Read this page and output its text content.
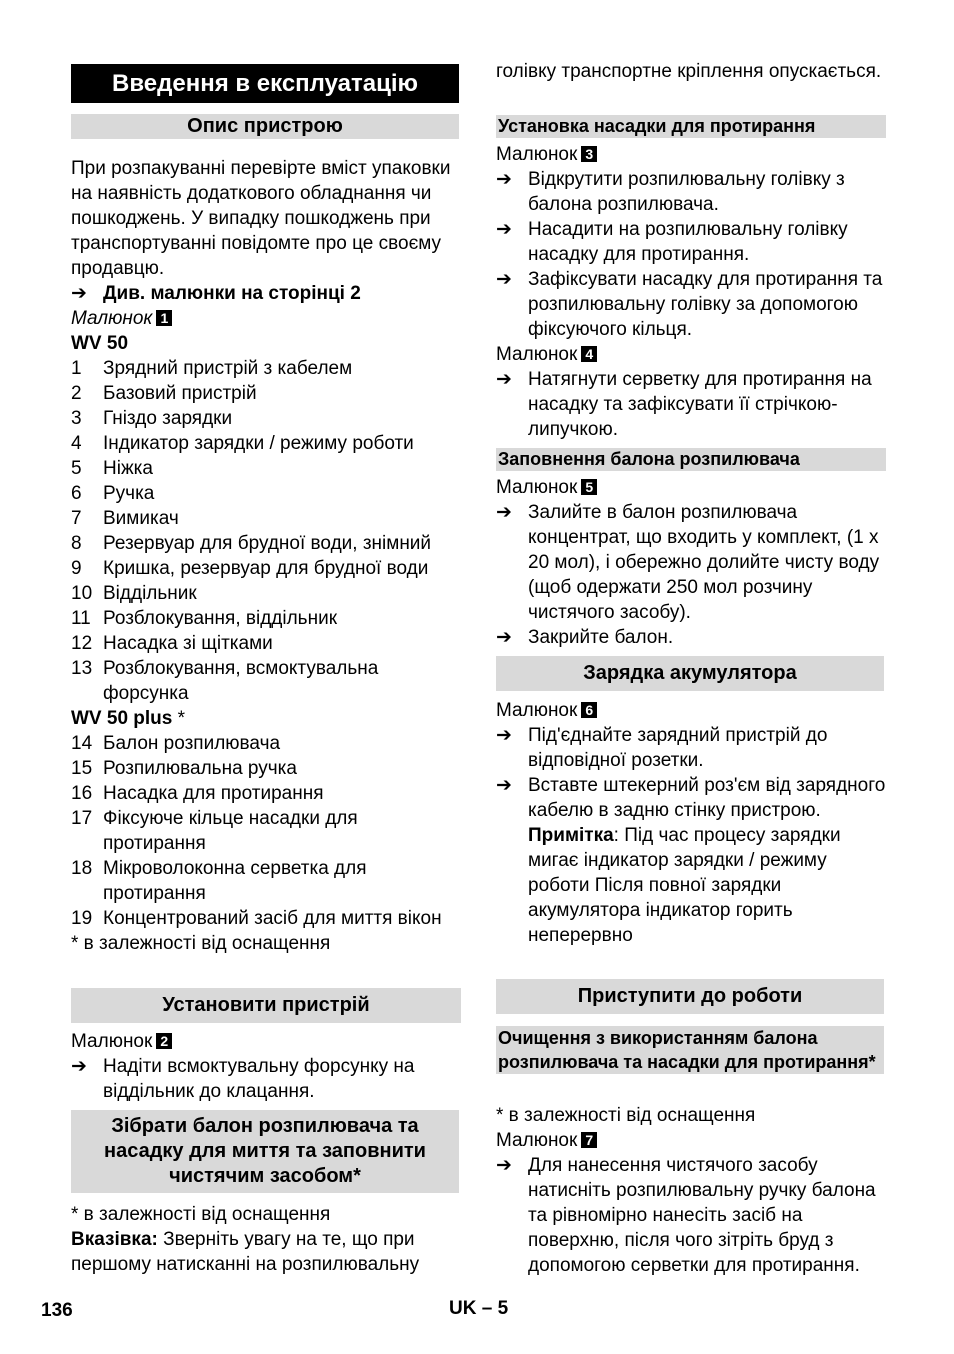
Введення в експлуатацію
Опис пристрою

При розпакуванні перевірте вміст упаковки на наявність додаткового обладнання чи пошкоджень. У випадку пошкоджень при транспортуванні повідомте про це своєму продавцю.

➔ Див. малюнки на сторінці 2
Малюнок 1
WV 50
1 Зрядний пристрій з кабелем
2 Базовий пристрій
3 Гніздо зарядки
4 Індикатор зарядки / режиму роботи
5 Ніжка
6 Ручка
7 Вимикач
8 Резервуар для брудної води, знімний
9 Кришка, резервуар для брудної води
10 Віддільник
11 Розблокування, віддільник
12 Насадка зі щітками
13 Розблокування, всмоктувальна форсунка
WV 50 plus *
14 Балон розпилювача
15 Розпилювальна ручка
16 Насадка для протирання
17 Фіксуюче кільце насадки для протирання
18 Мікроволоконна серветка для протирання
19 Концентрований засіб для миття вікон
* в залежності від оснащення
Установити пристрій
Малюнок 2
➔ Надіти всмоктувальну форсунку на віддільник до клацання.
Зібрати балон розпилювача та насадку для миття та заповнити чистячим засобом*
* в залежності від оснащення

Вказівка: Зверніть увагу на те, що при першому натисканні на розпилювальну

голівку транспортне кріплення опускається.

Установка насадки для протирання
Малюнок 3
➔ Відкрутити розпилювальну голівку з балона розпилювача.
➔ Насадити на розпилювальну голівку насадку для протирання.
➔ Зафіксувати насадку для протирання та розпилювальну голівку за допомогою фіксуючого кільця.
Малюнок 4
➔ Натягнути серветку для протирання на насадку та зафіксувати її стрічкою-липучкою.
Заповнення балона розпилювача
Малюнок 5
➔ Залийте в балон розпилювача концентрат, що входить у комплект, (1 х 20 мол), і обережно долийте чисту воду (щоб одержати 250 мол розчину чистячого засобу).
➔ Закрийте балон.
Зарядка акумулятора
Малюнок 6
➔ Під'єднайте зарядний пристрій до відповідної розетки.
➔ Вставте штекерний роз'єм від зарядного кабелю в задню стінку пристрою.

Примітка: Під час процесу зарядки мигає індикатор зарядки / режиму роботи Після повної зарядки акумулятора індикатор горить неперервно

Приступити до роботи
Очищення з використанням балона розпилювача та насадки для протирання*
* в залежності від оснащення
Малюнок 7
➔ Для нанесення чистячого засобу натисніть розпилювальну ручку балона та рівномірно нанесіть засіб на поверхню, після чого зітріть бруд з допомогою серветки для протирання.
136	UK – 5
